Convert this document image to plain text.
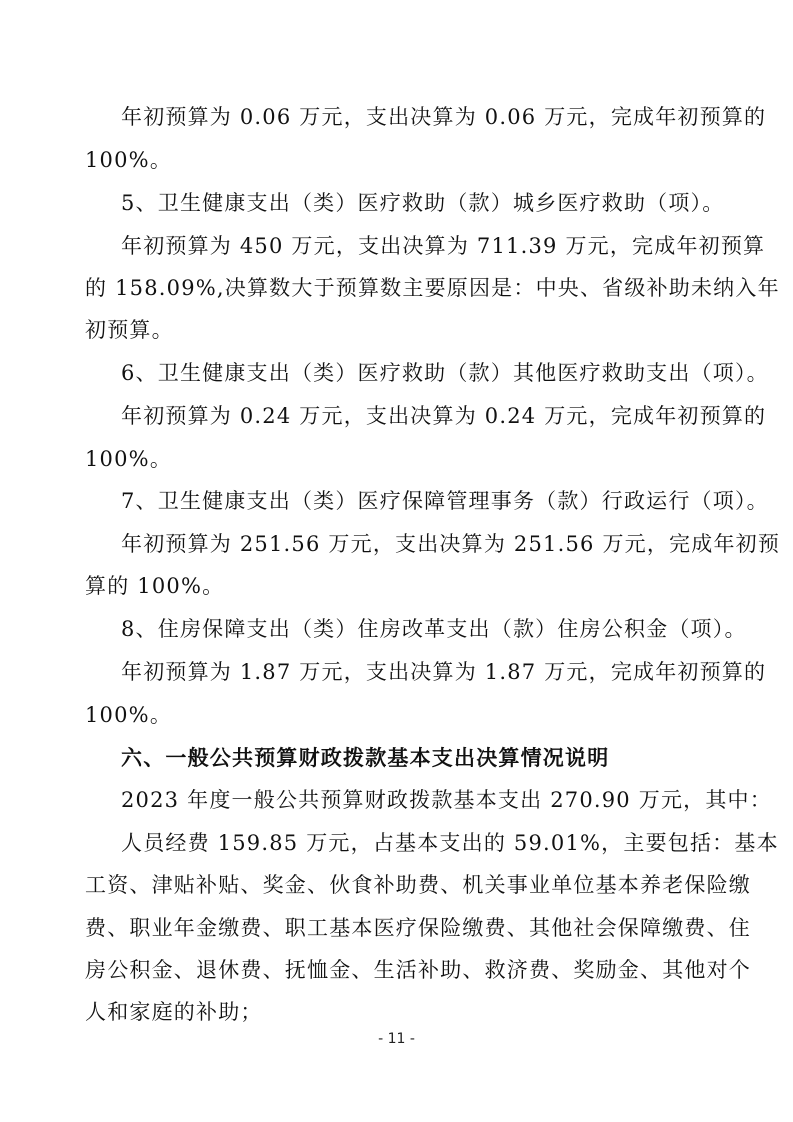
年初预算为 0.06 万元，支出决算为 0.06 万元，完成年初预算的
100%。
5、卫生健康支出（类）医疗救助（款）城乡医疗救助（项）。
年初预算为 450 万元，支出决算为 711.39 万元，完成年初预算
的 158.09%,决算数大于预算数主要原因是：中央、省级补助未纳入年
初预算。
6、卫生健康支出（类）医疗救助（款）其他医疗救助支出（项）。
年初预算为 0.24 万元，支出决算为 0.24 万元，完成年初预算的
100%。
7、卫生健康支出（类）医疗保障管理事务（款）行政运行（项）。
年初预算为 251.56 万元，支出决算为 251.56 万元，完成年初预
算的 100%。
8、住房保障支出（类）住房改革支出（款）住房公积金（项）。
年初预算为 1.87 万元，支出决算为 1.87 万元，完成年初预算的
100%。
六、一般公共预算财政拨款基本支出决算情况说明
2023 年度一般公共预算财政拨款基本支出 270.90 万元，其中：
人员经费 159.85 万元，占基本支出的 59.01%，主要包括：基本
工资、津贴补贴、奖金、伙食补助费、机关事业单位基本养老保险缴
费、职业年金缴费、职工基本医疗保险缴费、其他社会保障缴费、住
房公积金、退休费、抚恤金、生活补助、救济费、奖励金、其他对个
人和家庭的补助；
- 11 -
